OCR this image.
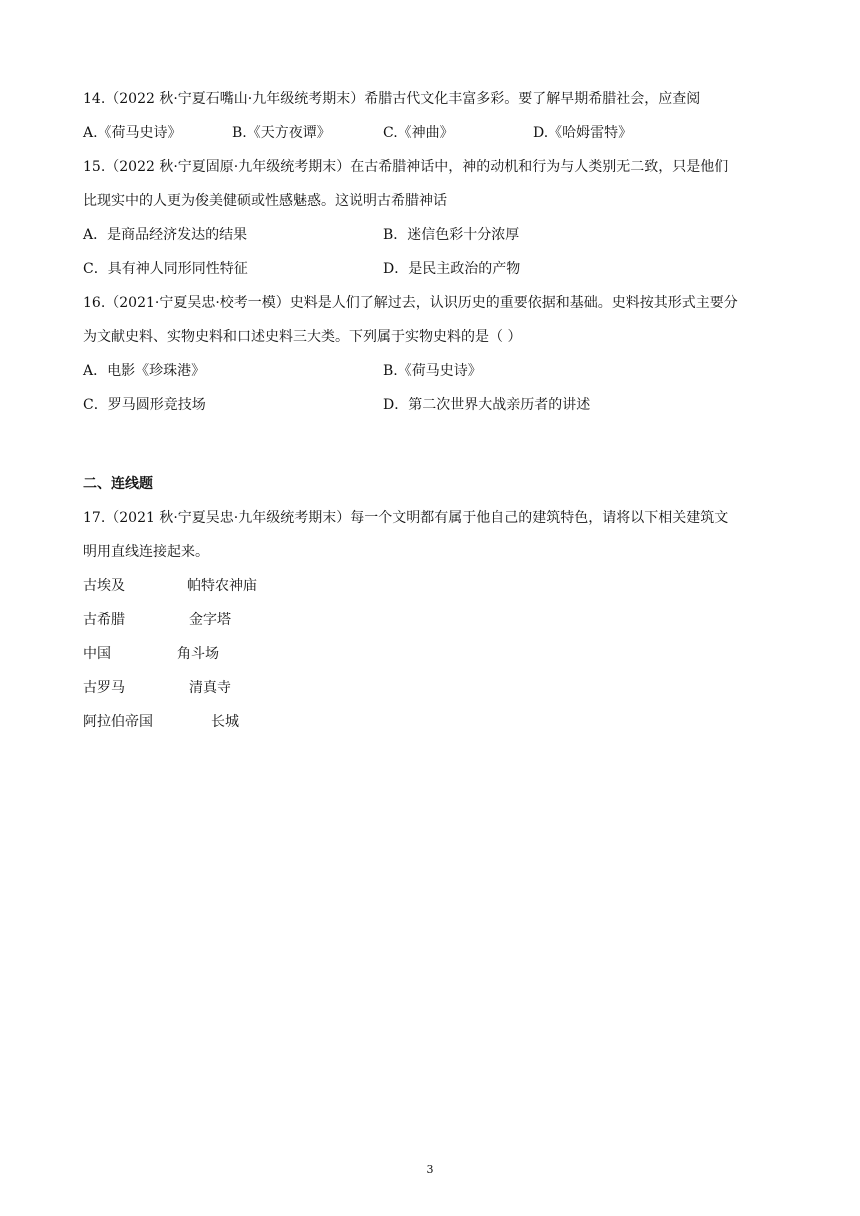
14.（2022 秋·宁夏石嘴山·九年级统考期末）希腊古代文化丰富多彩。要了解早期希腊社会，应查阅
A.《荷马史诗》	B.《天方夜谭》	C.《神曲》	D.《哈姆雷特》
15.（2022 秋·宁夏固原·九年级统考期末）在古希腊神话中，神的动机和行为与人类别无二致，只是他们
比现实中的人更为俊美健硕或性感魅惑。这说明古希腊神话
A．是商品经济发达的结果	B．迷信色彩十分浓厚
C．具有神人同形同性特征	D．是民主政治的产物
16.（2021·宁夏吴忠·校考一模）史料是人们了解过去，认识历史的重要依据和基础。史料按其形式主要分
为文献史料、实物史料和口述史料三大类。下列属于实物史料的是（ ）
A．电影《珍珠港》	B.《荷马史诗》
C．罗马圆形竞技场	D．第二次世界大战亲历者的讲述
二、连线题
17.（2021 秋·宁夏吴忠·九年级统考期末）每一个文明都有属于他自己的建筑特色，请将以下相关建筑文
明用直线连接起来。
古埃及	帕特农神庙
古希腊	金字塔
中国	角斗场
古罗马	清真寺
阿拉伯帝国	长城
3
